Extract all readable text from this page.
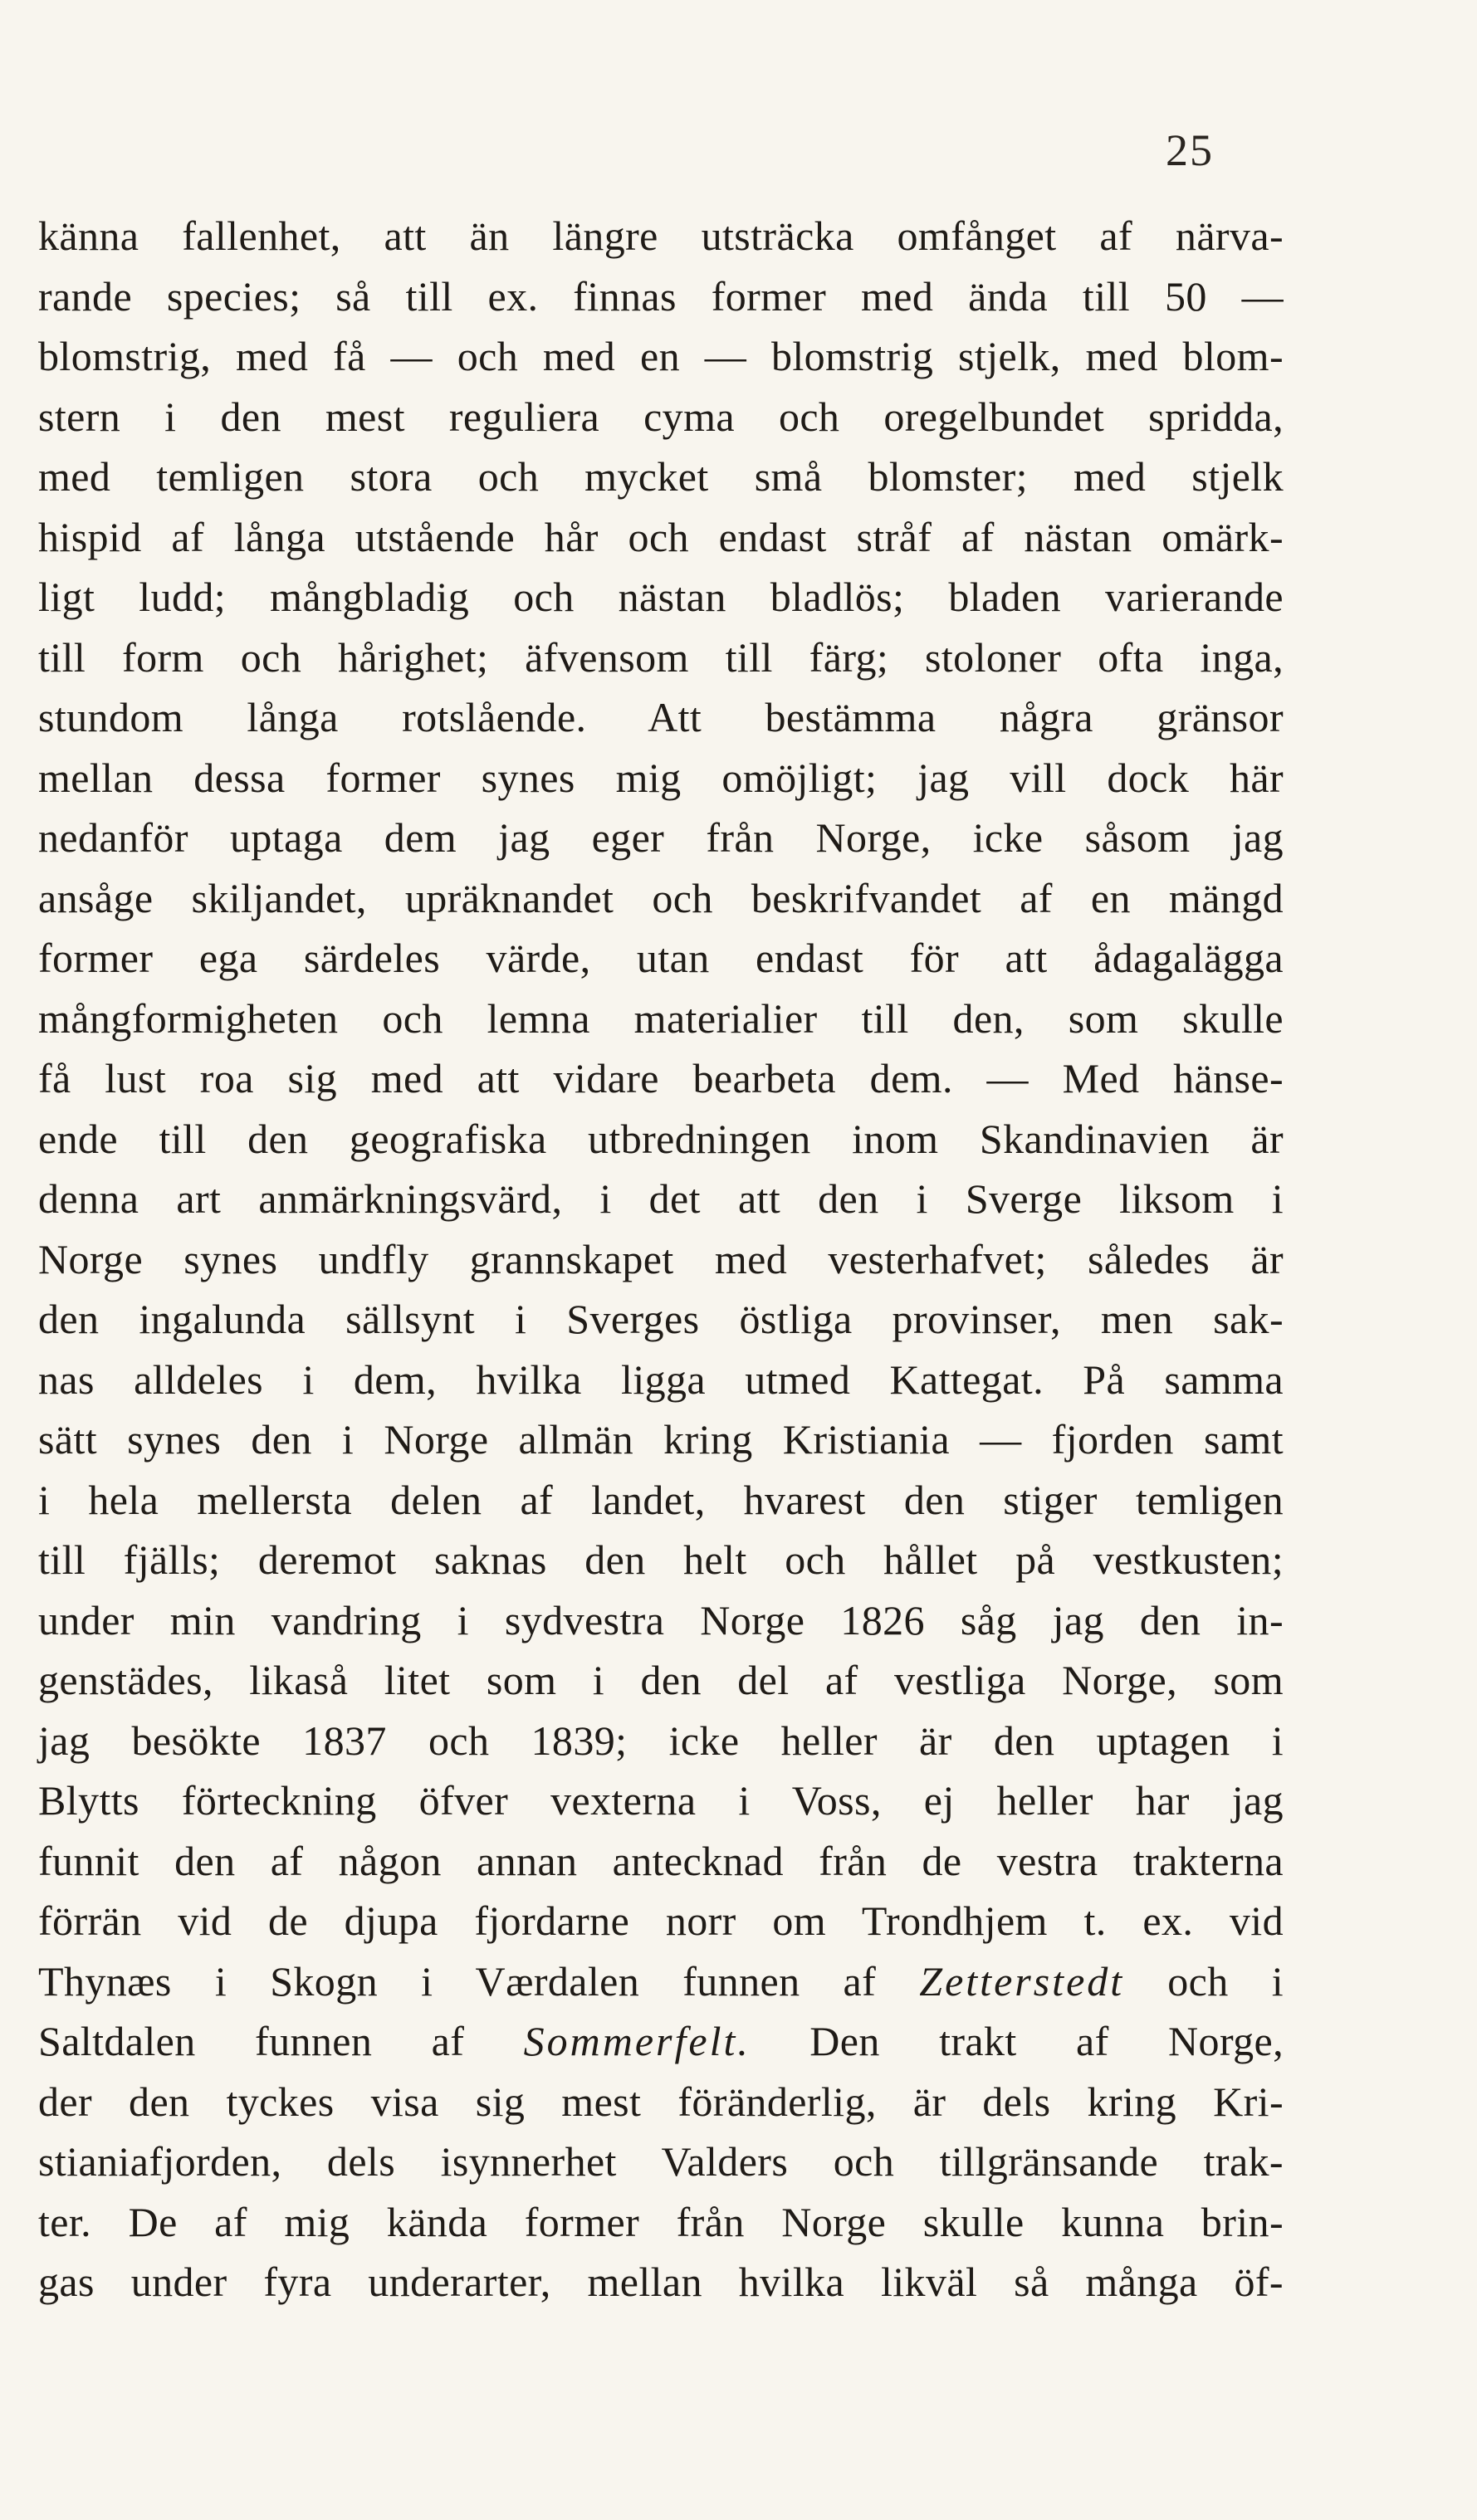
25
känna fallenhet, att än längre utsträcka omfånget af närva-
rande species; så till ex. finnas former med ända till 50 —
blomstrig, med få — och med en — blomstrig stjelk, med blom-
stern i den mest reguliera cyma och oregelbundet spridda,
med temligen stora och mycket små blomster; med stjelk
hispid af långa utstående hår och endast stråf af nästan omärk-
ligt ludd; mångbladig och nästan bladlös; bladen varierande
till form och hårighet; äfvensom till färg; stoloner ofta inga,
stundom långa rotslående. Att bestämma några gränsor
mellan dessa former synes mig omöjligt; jag vill dock här
nedanför uptaga dem jag eger från Norge, icke såsom jag
ansåge skiljandet, upräknandet och beskrifvandet af en mängd
former ega särdeles värde, utan endast för att ådagalägga
mångformigheten och lemna materialier till den, som skulle
få lust roa sig med att vidare bearbeta dem. — Med hänse-
ende till den geografiska utbredningen inom Skandinavien är
denna art anmärkningsvärd, i det att den i Sverge liksom i
Norge synes undfly grannskapet med vesterhafvet; således är
den ingalunda sällsynt i Sverges östliga provinser, men sak-
nas alldeles i dem, hvilka ligga utmed Kattegat. På samma
sätt synes den i Norge allmän kring Kristiania — fjorden samt
i hela mellersta delen af landet, hvarest den stiger temligen
till fjälls; deremot saknas den helt och hållet på vestkusten;
under min vandring i sydvestra Norge 1826 såg jag den in-
genstädes, likaså litet som i den del af vestliga Norge, som
jag besökte 1837 och 1839; icke heller är den uptagen i
Blytts förteckning öfver vexterna i Voss, ej heller har jag
funnit den af någon annan antecknad från de vestra trakterna
förrän vid de djupa fjordarne norr om Trondhjem t. ex. vid
Thynæs i Skogn i Værdalen funnen af Zetterstedt och i
Saltdalen funnen af Sommerfelt. Den trakt af Norge,
der den tyckes visa sig mest föränderlig, är dels kring Kri-
stianiafjorden, dels isynnerhet Valders och tillgränsande trak-
ter. De af mig kända former från Norge skulle kunna brin-
gas under fyra underarter, mellan hvilka likväl så många öf-
